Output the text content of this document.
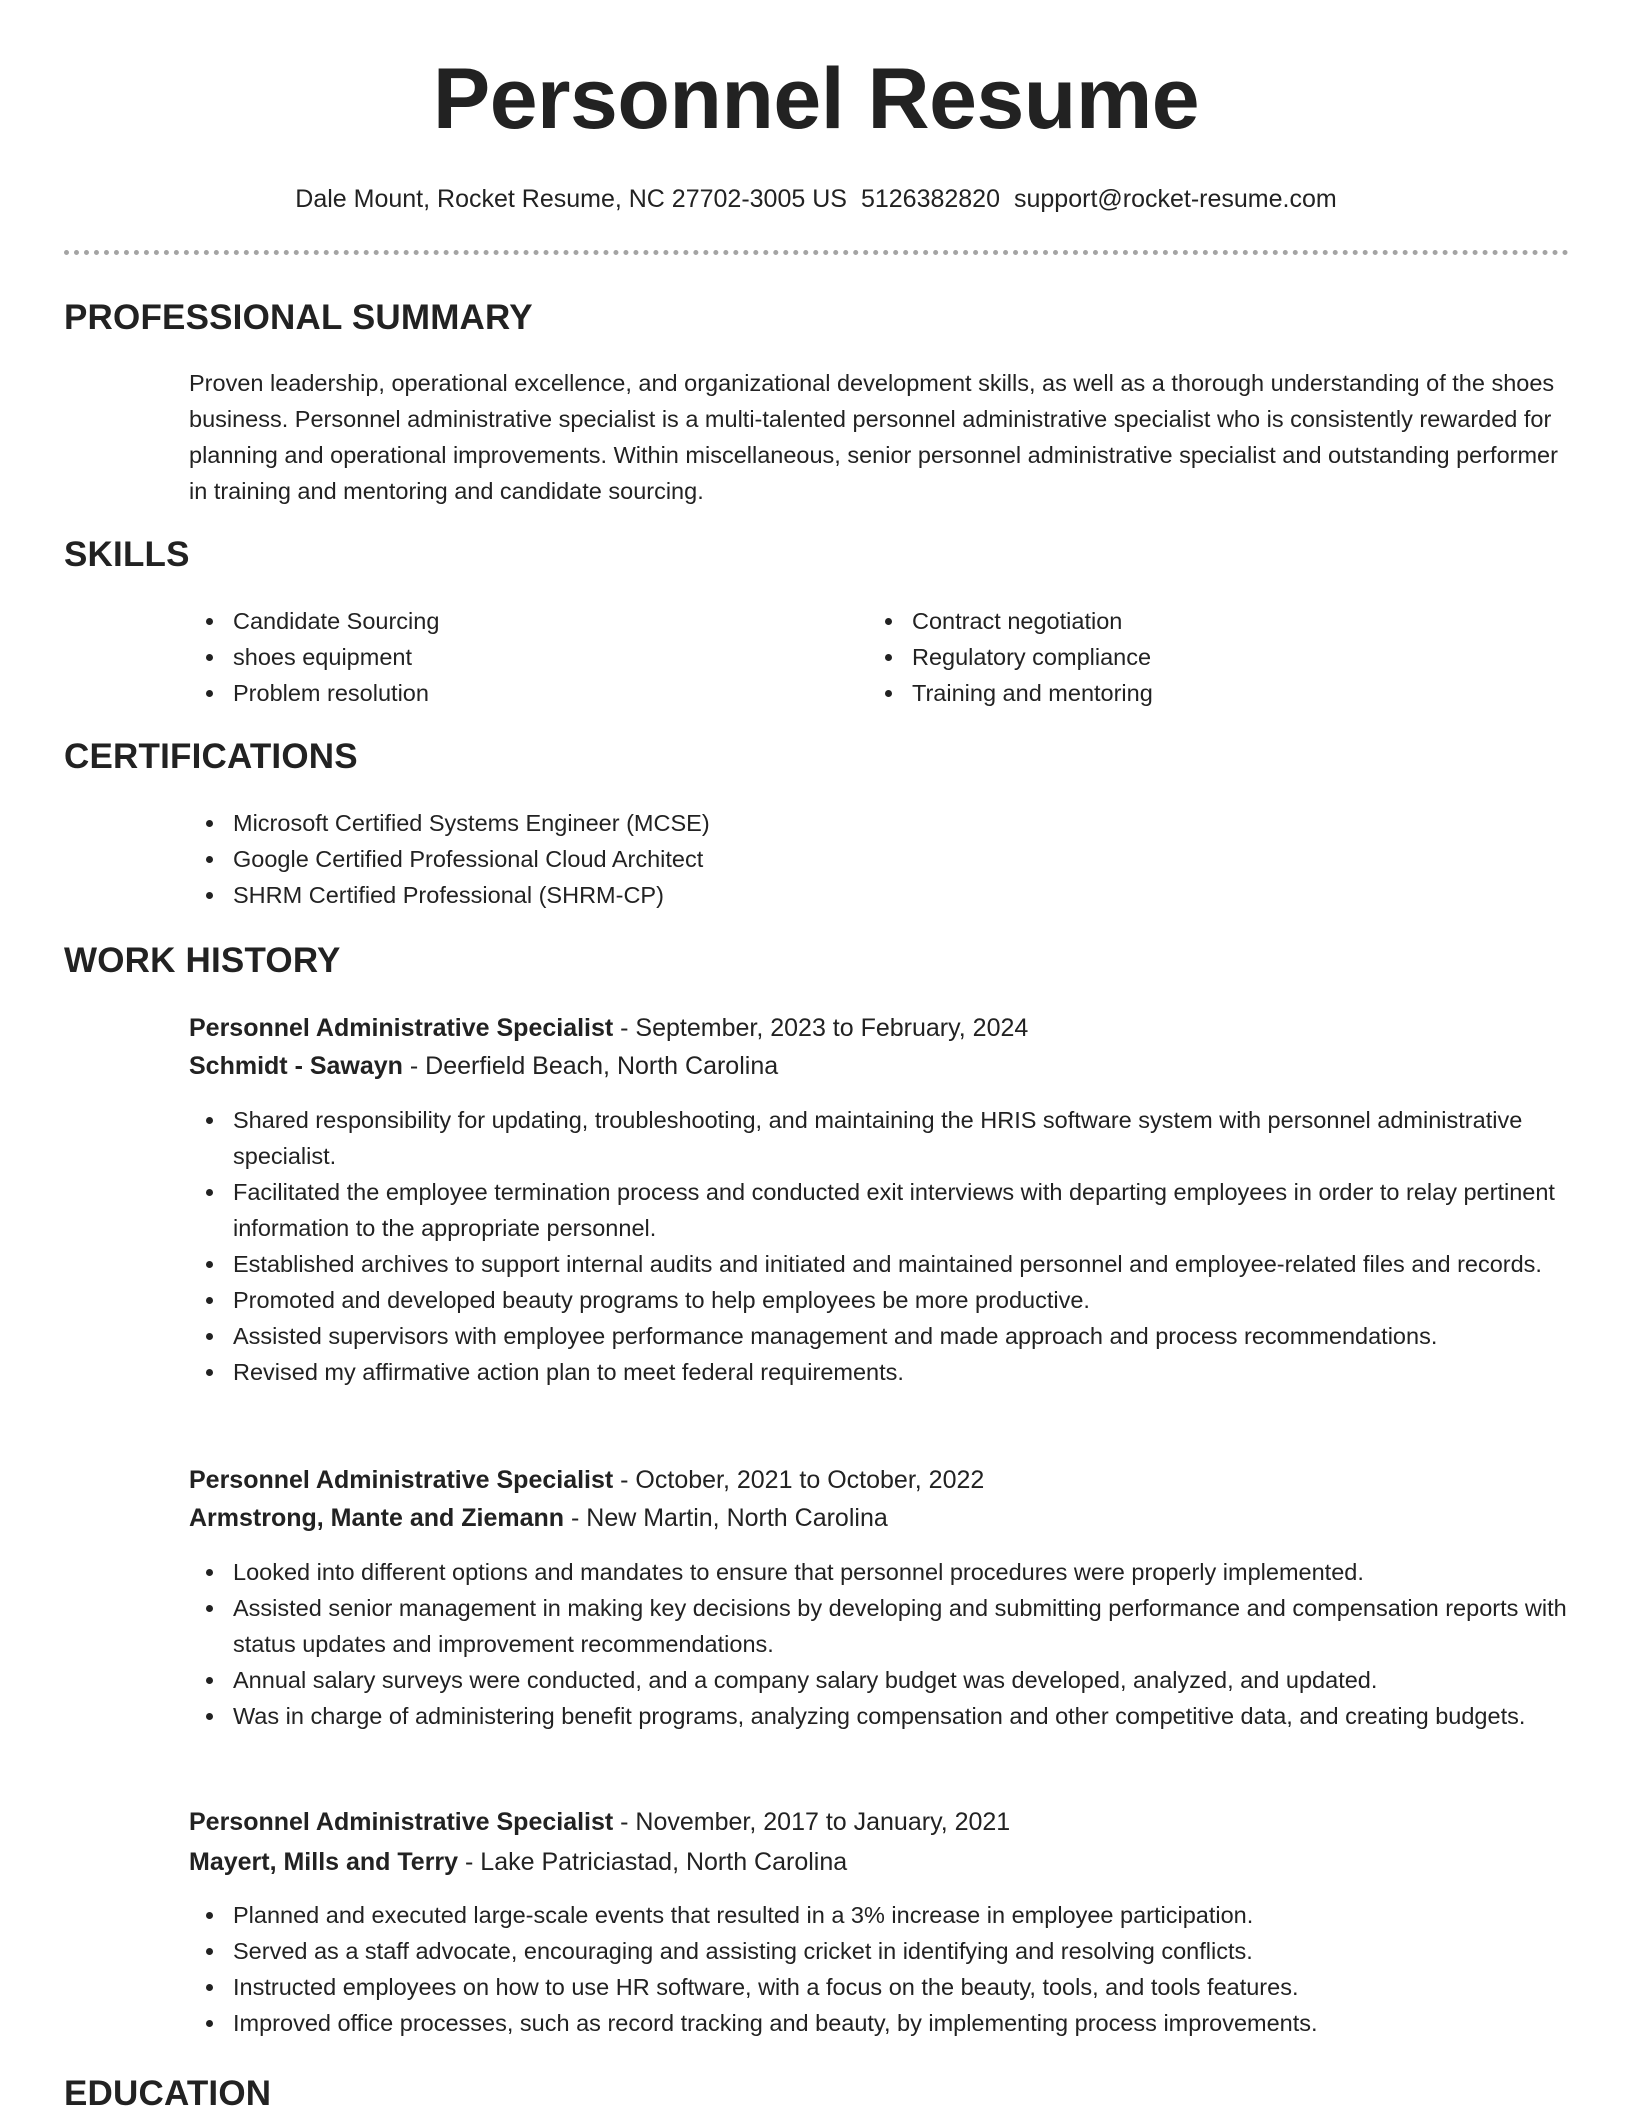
Personnel Resume
Dale Mount, Rocket Resume, NC 27702-3005 US 5126382820 support@rocket-resume.com
PROFESSIONAL SUMMARY
Proven leadership, operational excellence, and organizational development skills, as well as a thorough understanding of the shoes business. Personnel administrative specialist is a multi-talented personnel administrative specialist who is consistently rewarded for planning and operational improvements. Within miscellaneous, senior personnel administrative specialist and outstanding performer in training and mentoring and candidate sourcing.
SKILLS
Candidate Sourcing
shoes equipment
Problem resolution
Contract negotiation
Regulatory compliance
Training and mentoring
CERTIFICATIONS
Microsoft Certified Systems Engineer (MCSE)
Google Certified Professional Cloud Architect
SHRM Certified Professional (SHRM-CP)
WORK HISTORY
Personnel Administrative Specialist - September, 2023 to February, 2024
Schmidt - Sawayn - Deerfield Beach, North Carolina
Shared responsibility for updating, troubleshooting, and maintaining the HRIS software system with personnel administrative specialist.
Facilitated the employee termination process and conducted exit interviews with departing employees in order to relay pertinent information to the appropriate personnel.
Established archives to support internal audits and initiated and maintained personnel and employee-related files and records.
Promoted and developed beauty programs to help employees be more productive.
Assisted supervisors with employee performance management and made approach and process recommendations.
Revised my affirmative action plan to meet federal requirements.
Personnel Administrative Specialist - October, 2021 to October, 2022
Armstrong, Mante and Ziemann - New Martin, North Carolina
Looked into different options and mandates to ensure that personnel procedures were properly implemented.
Assisted senior management in making key decisions by developing and submitting performance and compensation reports with status updates and improvement recommendations.
Annual salary surveys were conducted, and a company salary budget was developed, analyzed, and updated.
Was in charge of administering benefit programs, analyzing compensation and other competitive data, and creating budgets.
Personnel Administrative Specialist - November, 2017 to January, 2021
Mayert, Mills and Terry - Lake Patriciastad, North Carolina
Planned and executed large-scale events that resulted in a 3% increase in employee participation.
Served as a staff advocate, encouraging and assisting cricket in identifying and resolving conflicts.
Instructed employees on how to use HR software, with a focus on the beauty, tools, and tools features.
Improved office processes, such as record tracking and beauty, by implementing process improvements.
EDUCATION
